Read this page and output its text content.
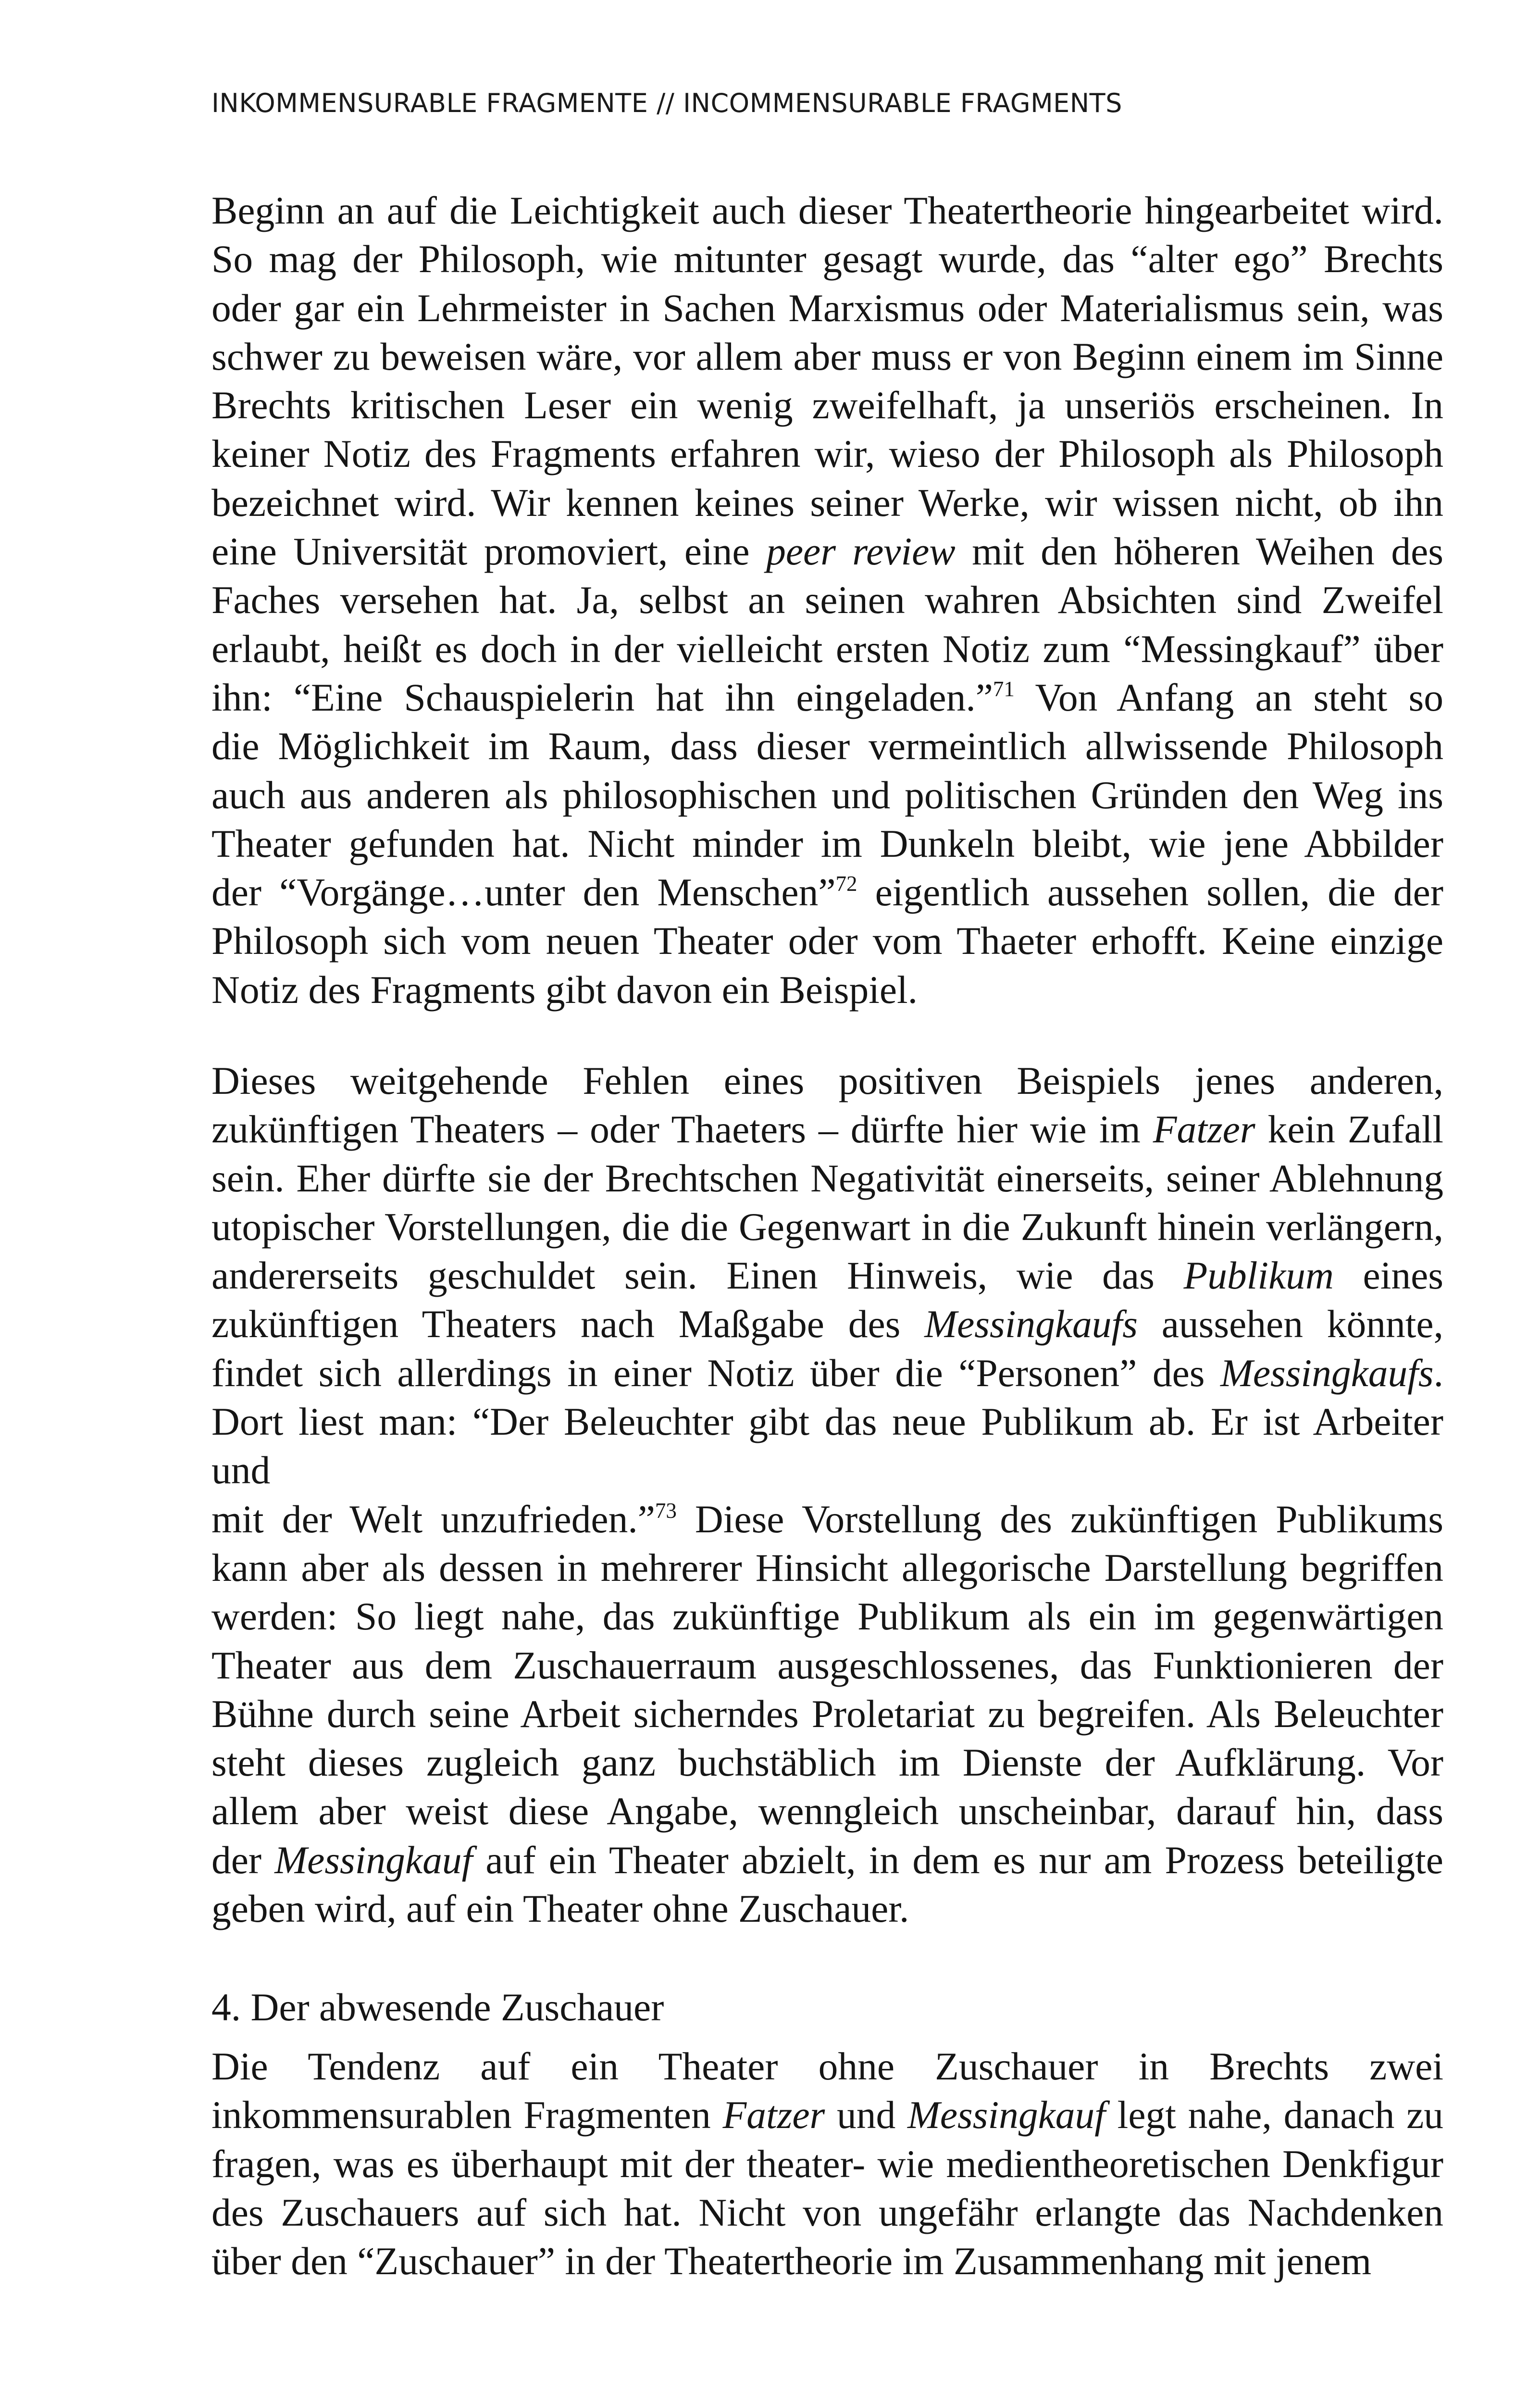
INKOMMENSURABLE FRAGMENTE // INCOMMENSURABLE FRAGMENTS

Beginn an auf die Leichtigkeit auch dieser Theatertheorie hingearbeitet wird.

So mag der Philosoph, wie mitunter gesagt wurde, das “alter ego” Brechts

oder gar ein Lehrmeister in Sachen Marxismus oder Materialismus sein, was

schwer zu beweisen wäre, vor allem aber muss er von Beginn einem im Sinne

Brechts kritischen Leser ein wenig zweifelhaft, ja unseriös erscheinen. In

keiner Notiz des Fragments erfahren wir, wieso der Philosoph als Philosoph

bezeichnet wird. Wir kennen keines seiner Werke, wir wissen nicht, ob ihn

eine Universität promoviert, eine peer review mit den höheren Weihen des

Faches versehen hat. Ja, selbst an seinen wahren Absichten sind Zweifel

erlaubt, heißt es doch in der vielleicht ersten Notiz zum “Messingkauf” über

ihn: “Eine Schauspielerin hat ihn eingeladen.”$^{71}$ Von Anfang an steht so

die Möglichkeit im Raum, dass dieser vermeintlich allwissende Philosoph

auch aus anderen als philosophischen und politischen Gründen den Weg ins

Theater gefunden hat. Nicht minder im Dunkeln bleibt, wie jene Abbilder

der “Vorgänge…unter den Menschen”$^{72}$ eigentlich aussehen sollen, die der

Philosoph sich vom neuen Theater oder vom Thaeter erhofft. Keine einzige

Notiz des Fragments gibt davon ein Beispiel.

Dieses weitgehende Fehlen eines positiven Beispiels jenes anderen,

zukünftigen Theaters – oder Thaeters – dürfte hier wie im Fatzer kein Zufall

sein. Eher dürfte sie der Brechtschen Negativität einerseits, seiner Ablehnung

utopischer Vorstellungen, die die Gegenwart in die Zukunft hinein verlängern,

andererseits geschuldet sein. Einen Hinweis, wie das Publikum eines

zukünftigen Theaters nach Maßgabe des Messingkaufs aussehen könnte,

findet sich allerdings in einer Notiz über die “Personen” des Messingkaufs.

Dort liest man: “Der Beleuchter gibt das neue Publikum ab. Er ist Arbeiter und

mit der Welt unzufrieden.”$^{73}$ Diese Vorstellung des zukünftigen Publikums

kann aber als dessen in mehrerer Hinsicht allegorische Darstellung begriffen

werden: So liegt nahe, das zukünftige Publikum als ein im gegenwärtigen

Theater aus dem Zuschauerraum ausgeschlossenes, das Funktionieren der

Bühne durch seine Arbeit sicherndes Proletariat zu begreifen. Als Beleuchter

steht dieses zugleich ganz buchstäblich im Dienste der Aufklärung. Vor

allem aber weist diese Angabe, wenngleich unscheinbar, darauf hin, dass

der Messingkauf auf ein Theater abzielt, in dem es nur am Prozess beteiligte

geben wird, auf ein Theater ohne Zuschauer.

4. Der abwesende Zuschauer

Die Tendenz auf ein Theater ohne Zuschauer in Brechts zwei

inkommensurablen Fragmenten Fatzer und Messingkauf legt nahe, danach zu

fragen, was es überhaupt mit der theater- wie medientheoretischen Denkfigur

des Zuschauers auf sich hat. Nicht von ungefähr erlangte das Nachdenken

über den “Zuschauer” in der Theatertheorie im Zusammenhang mit jenem
